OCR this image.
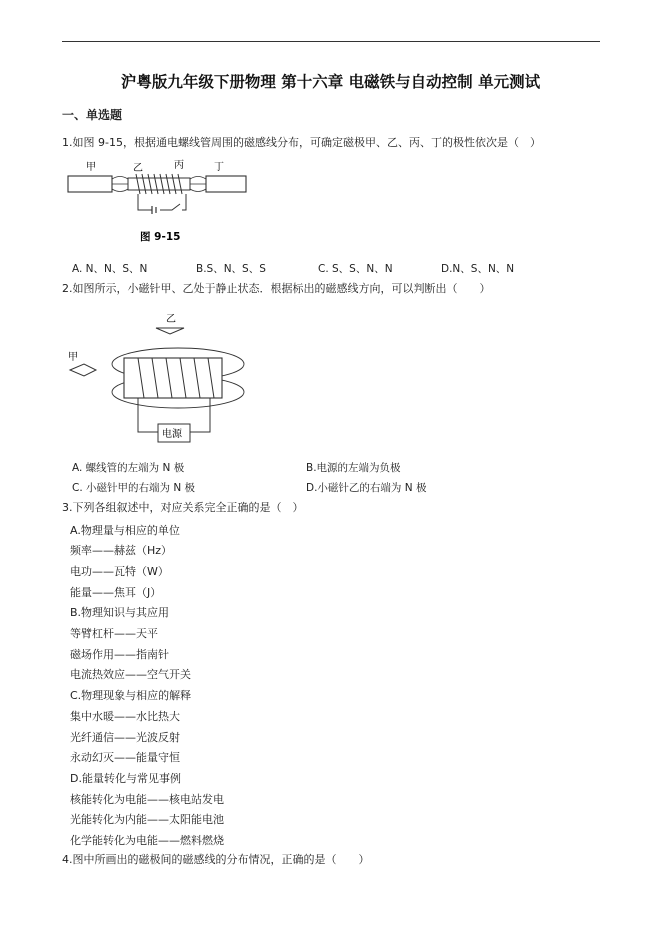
沪粤版九年级下册物理 第十六章 电磁铁与自动控制 单元测试
一、单选题
1.如图 9-15，根据通电螺线管周围的磁感线分布，可确定磁极甲、乙、丙、丁的极性依次是（　）
甲	乙	丙	丁
图 9-15
A. N、N、S、N	B.S、N、S、S	C. S、S、N、N	D.N、S、N、N
2.如图所示，小磁针甲、乙处于静止状态．根据标出的磁感线方向，可以判断出（　　）
乙
甲
电源
A. 螺线管的左端为 N 极	B.电源的左端为负极
C. 小磁针甲的右端为 N 极	D.小磁针乙的右端为 N 极
3.下列各组叙述中，对应关系完全正确的是（　）
A.物理量与相应的单位
频率——赫兹（Hz）
电功——瓦特（W）
能量——焦耳（J）
B.物理知识与其应用
等臂杠杆——天平
磁场作用——指南针
电流热效应——空气开关
C.物理现象与相应的解释
集中水暖——水比热大
光纤通信——光波反射
永动幻灭——能量守恒
D.能量转化与常见事例
核能转化为电能——核电站发电
光能转化为内能——太阳能电池
化学能转化为电能——燃料燃烧
4.图中所画出的磁极间的磁感线的分布情况，正确的是（　　）
